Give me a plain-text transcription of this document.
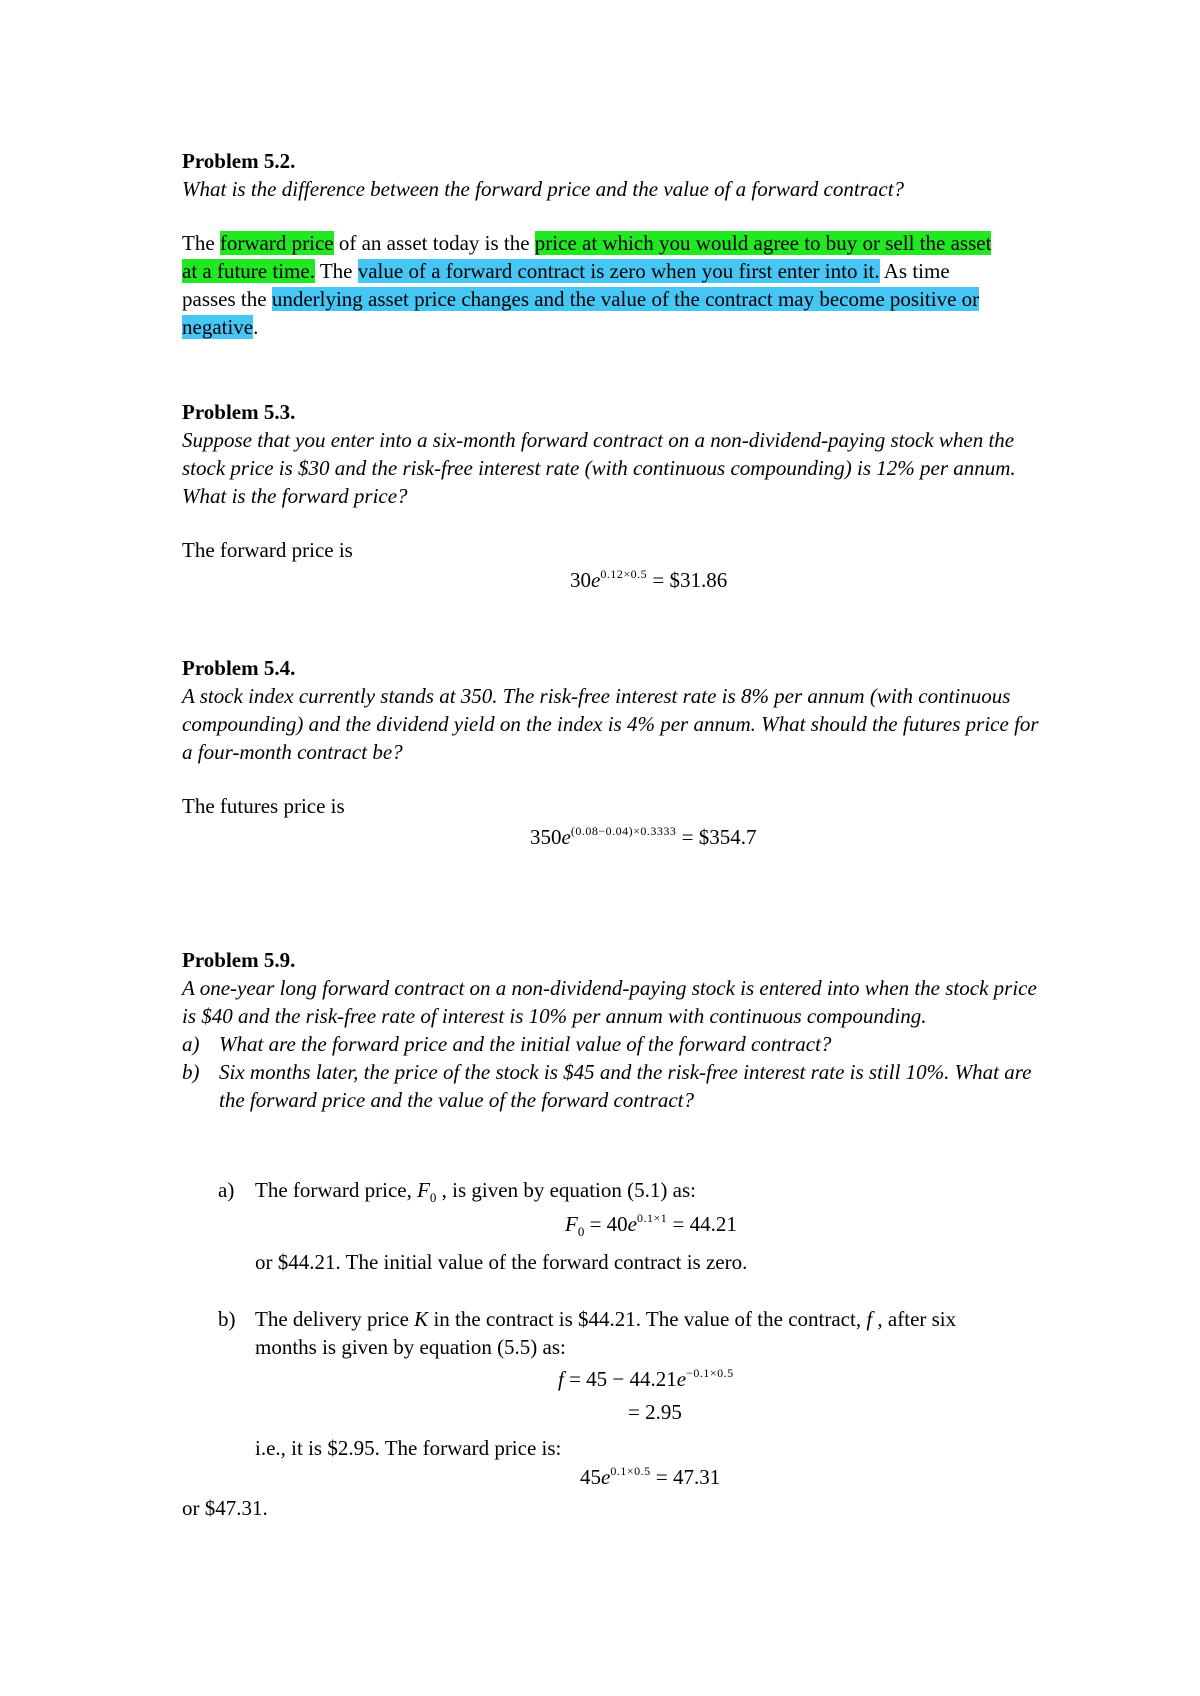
Problem 5.2.

What is the difference between the forward price and the value of a forward contract?

The forward price of an asset today is the price at which you would agree to buy or sell the asset at a future time. The value of a forward contract is zero when you first enter into it. As time passes the underlying asset price changes and the value of the contract may become positive or negative.

Problem 5.3.

Suppose that you enter into a six-month forward contract on a non-dividend-paying stock when the stock price is $30 and the risk-free interest rate (with continuous compounding) is 12% per annum. What is the forward price?

The forward price is

$30e^{0.12\times 0.5}$ = $31.86

Problem 5.4.

A stock index currently stands at 350. The risk-free interest rate is 8% per annum (with continuous compounding) and the dividend yield on the index is 4% per annum. What should the futures price for a four-month contract be?

The futures price is

$350e^{(0.08-0.04)\times 0.3333}$ = $354.7

Problem 5.9.

A one-year long forward contract on a non-dividend-paying stock is entered into when the stock price is $40 and the risk-free rate of interest is 10% per annum with continuous compounding.

a) What are the forward price and the initial value of the forward contract?
b) Six months later, the price of the stock is $45 and the risk-free interest rate is still 10%. What are the forward price and the value of the forward contract?
a) The forward price, $F_0$ , is given by equation (5.1) as:
$F_0 = 40e^{0.1\times 1} = 44.21$

or $44.21. The initial value of the forward contract is zero.

b) The delivery price K in the contract is $44.21. The value of the contract, f , after six months is given by equation (5.5) as:
$f = 45 - 44.21e^{-0.1\times 0.5}$
= 2.95

i.e., it is $2.95. The forward price is:

$45e^{0.1\times 0.5} = 47.31$

or $47.31.
